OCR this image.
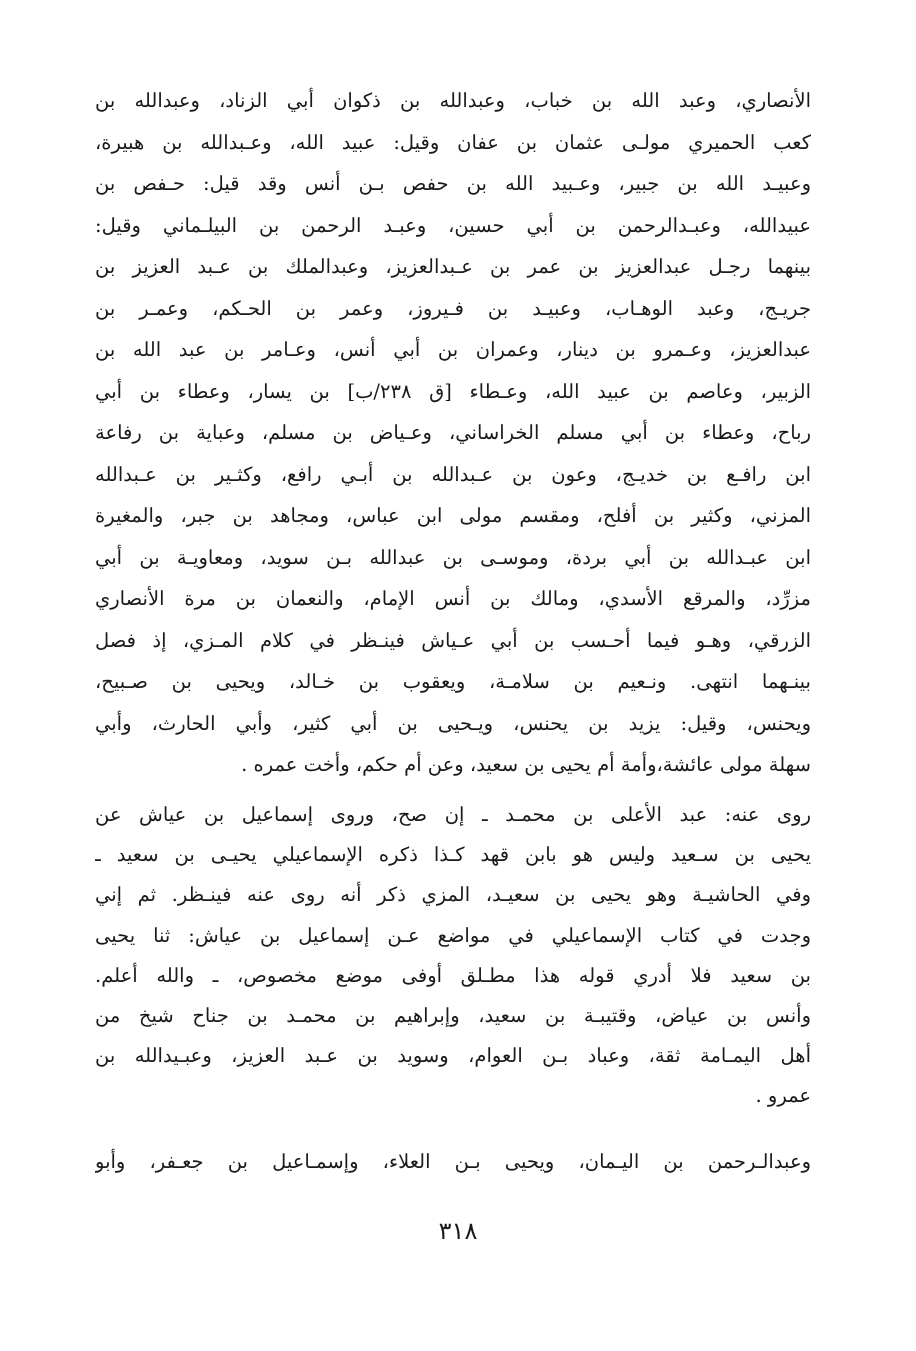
الأنصاري، وعبد الله بن خباب، وعبدالله بن ذكوان أبي الزناد، وعبدالله بن
كعب الحميري مولـى عثمان بن عفان وقيل: عبيد الله، وعـبدالله بن هبيرة،
وعبيـد الله بن جبير، وعـبيد الله بن حفص بـن أنس وقد قيل: حـفص بن
عبيدالله، وعبـدالرحمن بن أبي حسين، وعبـد الرحمن بن البيلـماني وقيل:
بينهما رجـل عبدالعزيز بن عمر بن عـبدالعزيز، وعبدالملك بن عـبد العزيز بن
جريـج، وعبد الوهـاب، وعبيـد بن فـيروز، وعمر بن الحـكم، وعمـر بن
عبدالعزيز، وعـمرو بن دينار، وعمران بن أبي أنس، وعـامر بن عبد الله بن
الزبير، وعاصم بن عبيد الله، وعـطاء [ق ٢٣٨/ب] بن يسار، وعطاء بن أبي
رباح، وعطاء بن أبي مسلم الخراساني، وعـياض بن مسلم، وعباية بن رفاعة
ابن رافـع بن خديـج، وعون بن عـبدالله بن أبـي رافع، وكثـير بن عـبدالله
المزني، وكثير بن أفلح، ومقسم مولى ابن عباس، ومجاهد بن جبر، والمغيرة
ابن عبـدالله بن أبي بردة، وموسـى بن عبدالله بـن سويد، ومعاويـة بن أبي
مزرِّد، والمرقع الأسدي، ومالك بن أنس الإمام، والنعمان بن مرة الأنصاري
الزرقي، وهـو فيما أحـسب بن أبي عـياش فينـظر في كلام المـزي، إذ فصل
بينـهما انتهى. ونـعيم بن سلامـة، ويعقوب بن خـالد، ويحيى بن صـبيح،
ويحنس، وقيل: يزيد بن يحنس، ويـحيى بن أبي كثير، وأبي الحارث، وأبي
سهلة مولى عائشة،وأمة أم يحيى بن سعيد، وعن أم حكم، وأخت عمره .
روى عنه: عبد الأعلى بن محمـد ـ إن صح، وروى إسماعيل بن عياش عن
يحيى بن سـعيد وليس هو بابن قهد كـذا ذكره الإسماعيلي يحيـى بن سعيد ـ
وفي الحاشيـة وهو يحيى بن سعيـد، المزي ذكر أنه روى عنه فينـظر. ثم إني
وجدت في كتاب الإسماعيلي في مواضع عـن إسماعيل بن عياش: ثنا يحيى
بن سعيد فلا أدري قوله هذا مطـلق أوفى موضع مخصوص، ـ والله أعلم.
وأنس بن عياض، وقتيبـة بن سعيد، وإبراهيم بن محمـد بن جناح شيخ من
أهل اليمـامة ثقة، وعباد بـن العوام، وسويد بن عـبد العزيز، وعبـيدالله بن
عمرو .
وعبدالـرحمن بن اليـمان، ويحيى بـن العلاء، وإسمـاعيل بن جعـفر، وأبو
٣١٨
